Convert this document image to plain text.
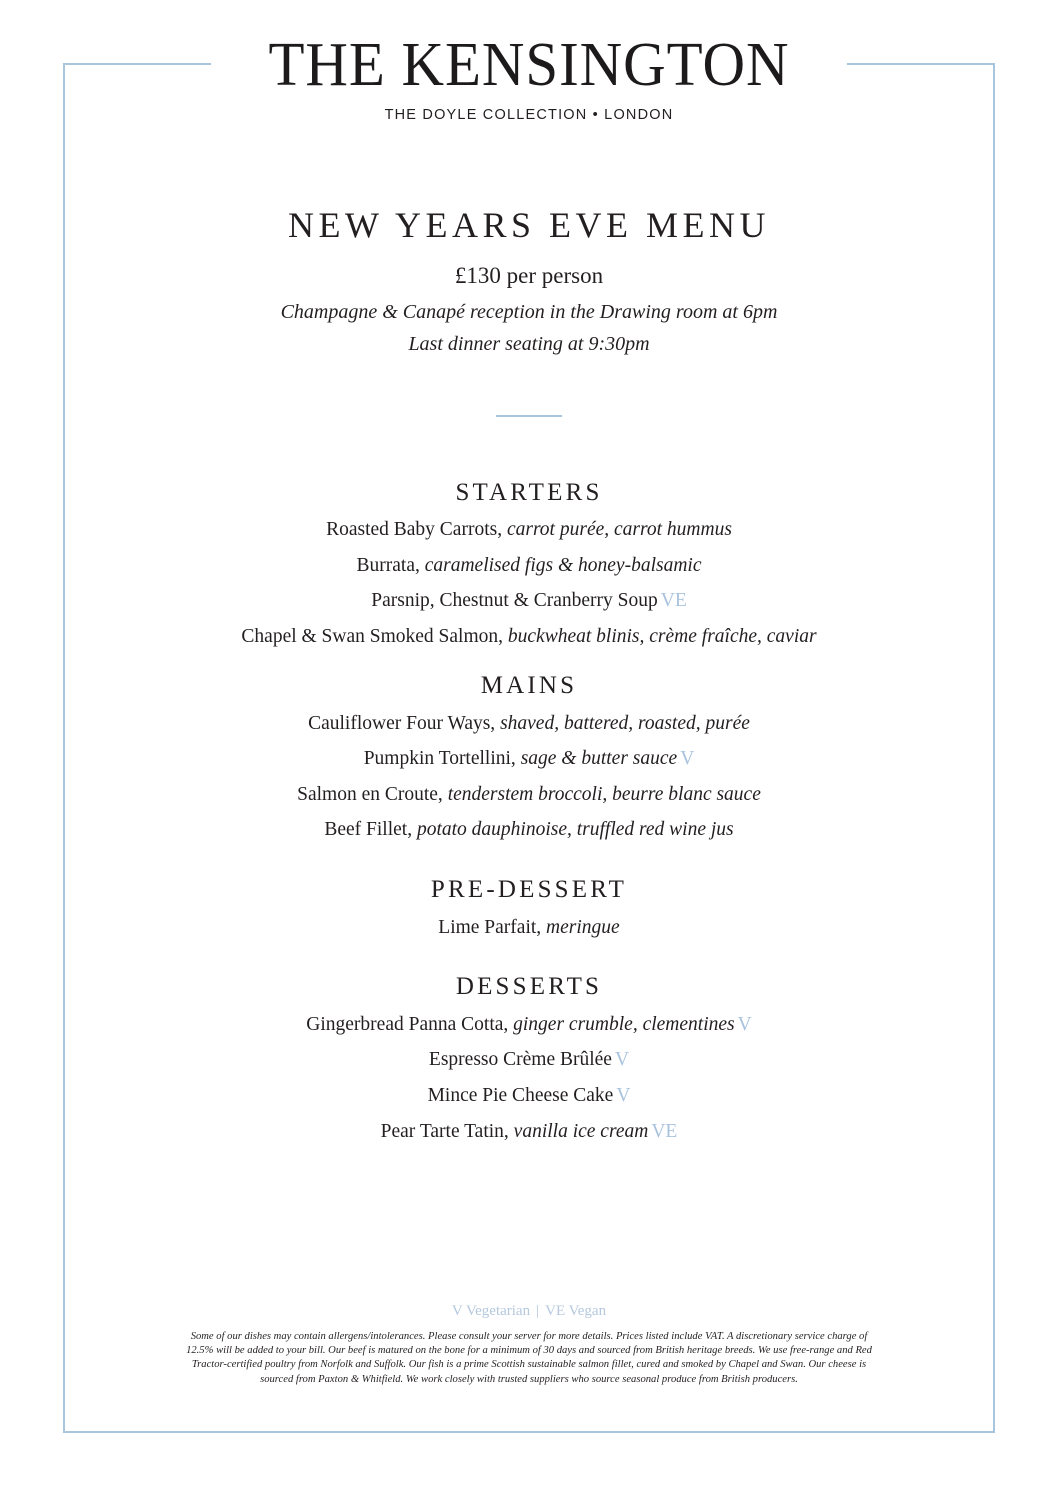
THE KENSINGTON
THE DOYLE COLLECTION • LONDON
NEW YEARS EVE MENU
£130 per person
Champagne & Canapé reception in the Drawing room at 6pm
Last dinner seating at 9:30pm
STARTERS
Roasted Baby Carrots, carrot purée, carrot hummus
Burrata, caramelised figs & honey-balsamic
Parsnip, Chestnut & Cranberry Soup VE
Chapel & Swan Smoked Salmon, buckwheat blinis, crème fraîche, caviar
MAINS
Cauliflower Four Ways, shaved, battered, roasted, purée
Pumpkin Tortellini, sage & butter sauce V
Salmon en Croute, tenderstem broccoli, beurre blanc sauce
Beef Fillet, potato dauphinoise, truffled red wine jus
PRE-DESSERT
Lime Parfait, meringue
DESSERTS
Gingerbread Panna Cotta, ginger crumble, clementines V
Espresso Crème Brûlée V
Mince Pie Cheese Cake V
Pear Tarte Tatin, vanilla ice cream VE
V Vegetarian | VE Vegan
Some of our dishes may contain allergens/intolerances. Please consult your server for more details. Prices listed include VAT. A discretionary service charge of
12.5% will be added to your bill. Our beef is matured on the bone for a minimum of 30 days and sourced from British heritage breeds. We use free-range and Red
Tractor-certified poultry from Norfolk and Suffolk. Our fish is a prime Scottish sustainable salmon fillet, cured and smoked by Chapel and Swan. Our cheese is
sourced from Paxton & Whitfield. We work closely with trusted suppliers who source seasonal produce from British producers.
